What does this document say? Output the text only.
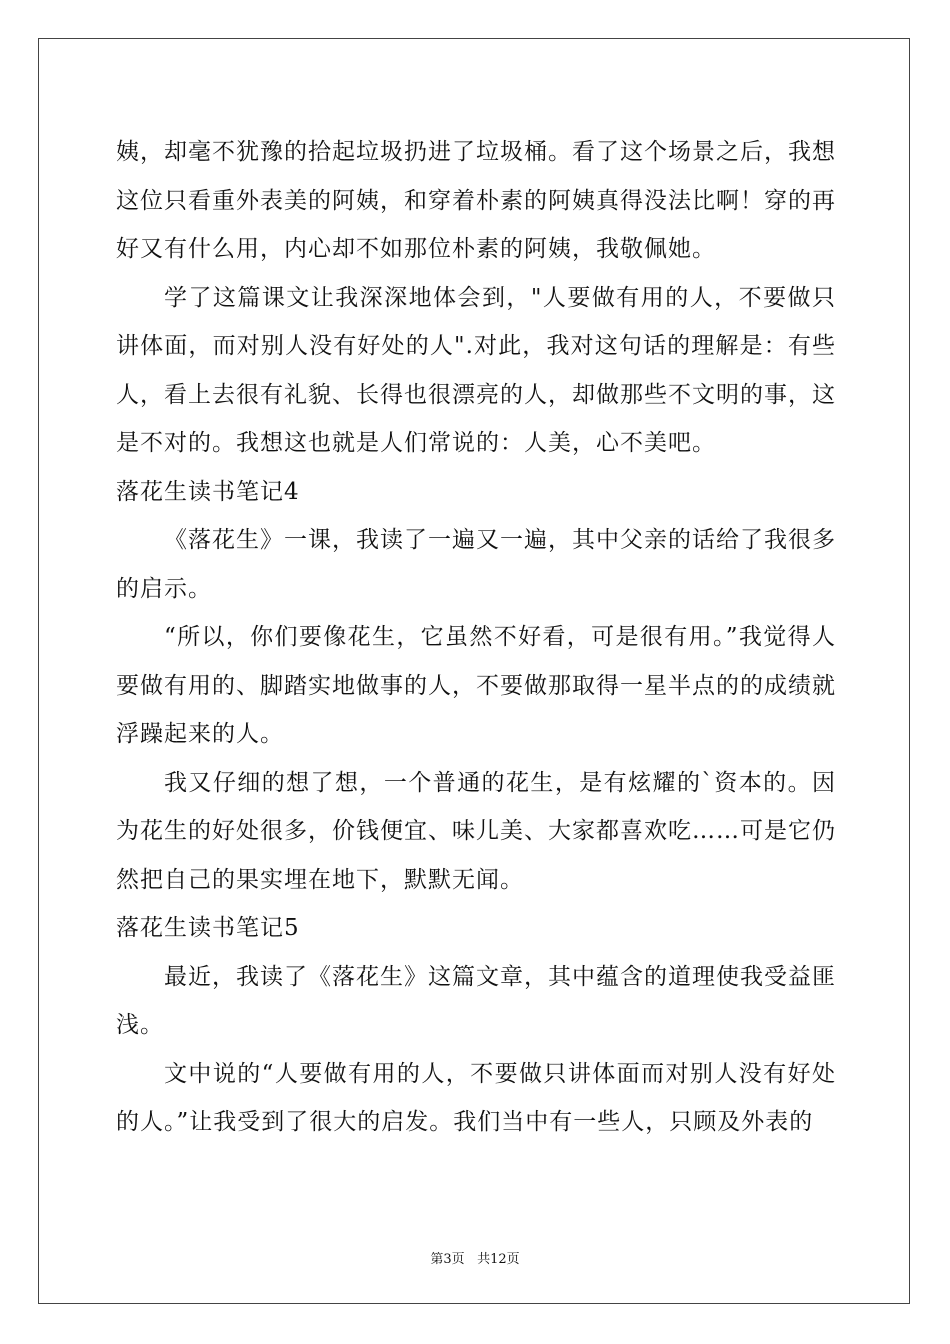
姨，却毫不犹豫的拾起垃圾扔进了垃圾桶。看了这个场景之后，我想这位只看重外表美的阿姨，和穿着朴素的阿姨真得没法比啊！穿的再好又有什么用，内心却不如那位朴素的阿姨，我敬佩她。

学了这篇课文让我深深地体会到，"人要做有用的人，不要做只讲体面，而对别人没有好处的人".对此，我对这句话的理解是：有些人，看上去很有礼貌、长得也很漂亮的人，却做那些不文明的事，这是不对的。我想这也就是人们常说的：人美，心不美吧。

落花生读书笔记4

《落花生》一课，我读了一遍又一遍，其中父亲的话给了我很多的启示。

“所以，你们要像花生，它虽然不好看，可是很有用。”我觉得人要做有用的、脚踏实地做事的人，不要做那取得一星半点的的成绩就浮躁起来的人。

我又仔细的想了想，一个普通的花生，是有炫耀的`资本的。因为花生的好处很多，价钱便宜、味儿美、大家都喜欢吃……可是它仍然把自己的果实埋在地下，默默无闻。

落花生读书笔记5

最近，我读了《落花生》这篇文章，其中蕴含的道理使我受益匪浅。

文中说的“人要做有用的人，不要做只讲体面而对别人没有好处的人。”让我受到了很大的启发。我们当中有一些人，只顾及外表的

第3页 共12页
